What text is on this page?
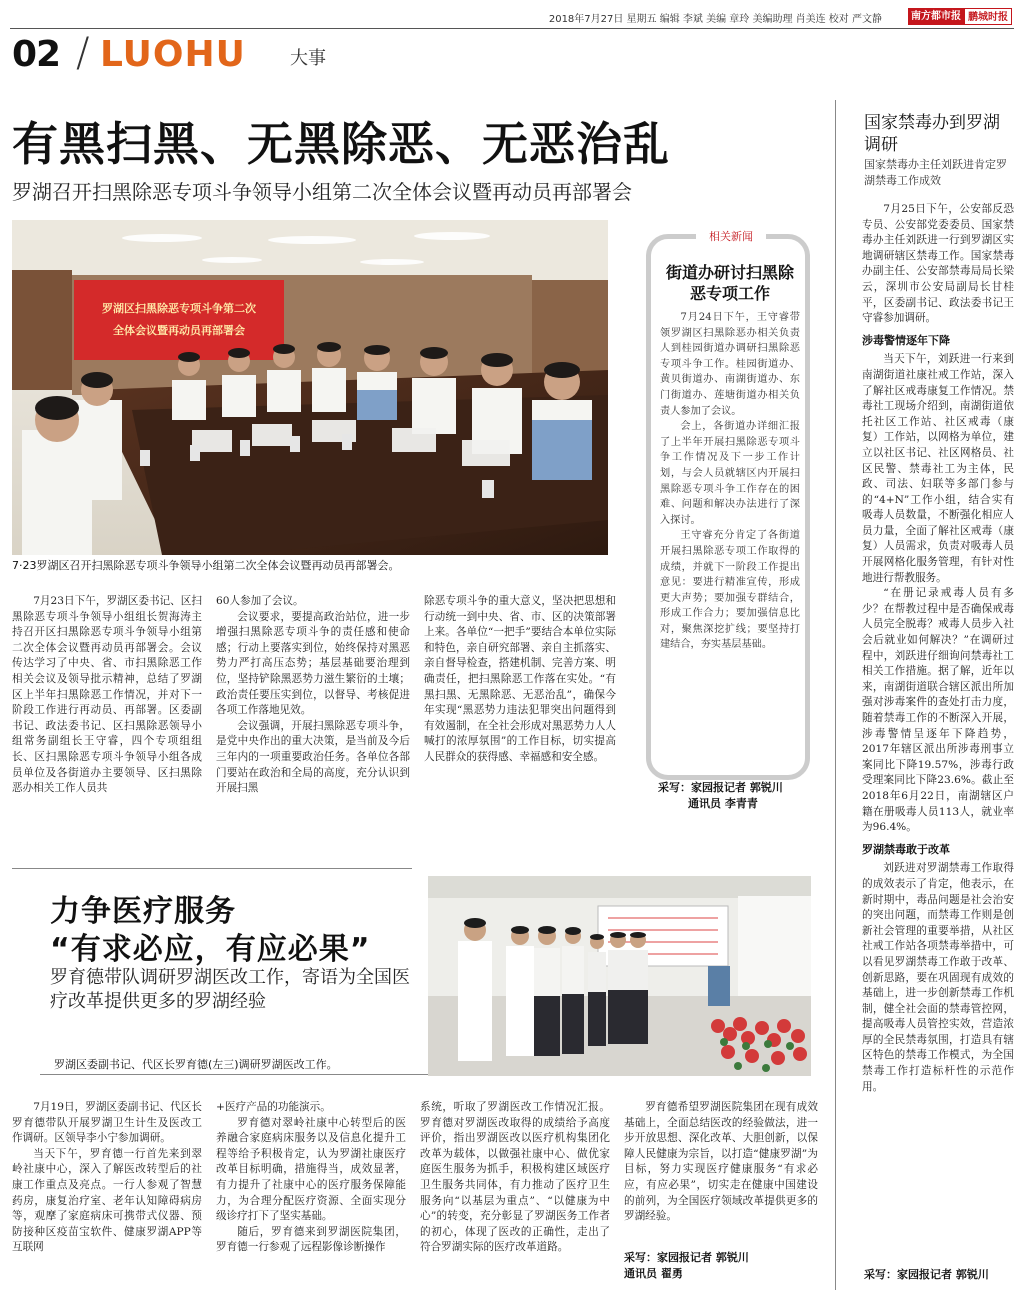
2018年7月27日 星期五 编辑 李斌 美编 章玲 美编助理 肖美连 校对 严文静	南方都市报 鹏城时报
02 / LUOHU 大事
有黑扫黑、无黑除恶、无恶治乱
罗湖召开扫黑除恶专项斗争领导小组第二次全体会议暨再动员再部署会
罗湖区扫黑除恶专项斗争第二次
全体会议暨再动员再部署会
7·23罗湖区召开扫黑除恶专项斗争领导小组第二次全体会议暨再动员再部署会。

7月23日下午，罗湖区委书记、区扫黑除恶专项斗争领导小组组长贺海涛主持召开区扫黑除恶专项斗争领导小组第二次全体会议暨再动员再部署会。会议传达学习了中央、省、市扫黑除恶工作相关会议及领导批示精神，总结了罗湖区上半年扫黑除恶工作情况，并对下一阶段工作进行再动员、再部署。区委副书记、政法委书记、区扫黑除恶领导小组常务副组长王守睿，四个专项组组长、区扫黑除恶专项斗争领导小组各成员单位及各街道办主要领导、区扫黑除恶办相关工作人员共

60人参加了会议。

会议要求，要提高政治站位，进一步增强扫黑除恶专项斗争的责任感和使命感；行动上要落实到位，始终保持对黑恶势力严打高压态势；基层基础要治理到位，坚持铲除黑恶势力滋生繁衍的土壤；政治责任要压实到位，以督导、考核促进各项工作落地见效。

会议强调，开展扫黑除恶专项斗争，是党中央作出的重大决策，是当前及今后三年内的一项重要政治任务。各单位各部门要站在政治和全局的高度，充分认识到开展扫黑

除恶专项斗争的重大意义，坚决把思想和行动统一到中央、省、市、区的决策部署上来。各单位“一把手”要结合本单位实际和特色，亲自研究部署、亲自主抓落实、亲自督导检查，搭建机制、完善方案、明确责任，把扫黑除恶工作落在实处。“有黑扫黑、无黑除恶、无恶治乱”，确保今年实现“黑恶势力违法犯罪突出问题得到有效遏制，在全社会形成对黑恶势力人人喊打的浓厚氛围”的工作目标，切实提高人民群众的获得感、幸福感和安全感。

相关新闻
街道办研讨扫黑除恶专项工作

7月24日下午，王守睿带领罗湖区扫黑除恶办相关负责人到桂园街道办调研扫黑除恶专项斗争工作。桂园街道办、黄贝街道办、南湖街道办、东门街道办、莲塘街道办相关负责人参加了会议。

会上，各街道办详细汇报了上半年开展扫黑除恶专项斗争工作情况及下一步工作计划，与会人员就辖区内开展扫黑除恶专项斗争工作存在的困难、问题和解决办法进行了深入探讨。

王守睿充分肯定了各街道开展扫黑除恶专项工作取得的成绩，并就下一阶段工作提出意见：要进行精准宣传，形成更大声势；要加强专群结合，形成工作合力；要加强信息比对，聚焦深挖扩线；要坚持打建结合，夯实基层基础。

采写：家园报记者 郭锐川
通讯员 李青青
国家禁毒办到罗湖调研
国家禁毒办主任刘跃进肯定罗湖禁毒工作成效

7月25日下午，公安部反恐专员、公安部党委委员、国家禁毒办主任刘跃进一行到罗湖区实地调研辖区禁毒工作。国家禁毒办副主任、公安部禁毒局局长梁云，深圳市公安局副局长甘桂平，区委副书记、政法委书记王守睿参加调研。

涉毒警情逐年下降

当天下午，刘跃进一行来到南湖街道社康社戒工作站，深入了解社区戒毒康复工作情况。禁毒社工现场介绍到，南湖街道依托社区工作站、社区戒毒（康复）工作站，以网格为单位，建立以社区书记、社区网格员、社区民警、禁毒社工为主体，民政、司法、妇联等多部门参与的“4+N”工作小组，结合实有吸毒人员数量，不断强化相应人员力量，全面了解社区戒毒（康复）人员需求，负责对吸毒人员开展网格化服务管理，有针对性地进行帮教服务。

“在册记录戒毒人员有多少？在帮教过程中是否确保戒毒人员完全脱毒？戒毒人员步入社会后就业如何解决？”在调研过程中，刘跃进仔细询问禁毒社工相关工作措施。据了解，近年以来，南湖街道联合辖区派出所加强对涉毒案件的查处打击力度，随着禁毒工作的不断深入开展，涉毒警情呈逐年下降趋势，2017年辖区派出所涉毒刑事立案同比下降19.57%，涉毒行政受理案同比下降23.6%。截止至2018年6月22日，南湖辖区户籍在册吸毒人员113人，就业率为96.4%。

罗湖禁毒敢于改革

刘跃进对罗湖禁毒工作取得的成效表示了肯定，他表示，在新时期中，毒品问题是社会治安的突出问题，而禁毒工作则是创新社会管理的重要举措，从社区社戒工作站各项禁毒举措中，可以看见罗湖禁毒工作敢于改革、创新思路，要在巩固现有成效的基础上，进一步创新禁毒工作机制，健全社会面的禁毒管控网，提高吸毒人员管控实效，营造浓厚的全民禁毒氛围，打造具有辖区特色的禁毒工作模式，为全国禁毒工作打造标杆性的示范作用。

采写：家园报记者 郭锐川
力争医疗服务
“有求必应，有应必果”
罗育德带队调研罗湖医改工作，寄语为全国医疗改革提供更多的罗湖经验
罗湖区委副书记、代区长罗育德(左三)调研罗湖医改工作。

7月19日，罗湖区委副书记、代区长罗育德带队开展罗湖卫生计生及医改工作调研。区领导李小宁参加调研。

当天下午，罗育德一行首先来到翠岭社康中心，深入了解医改转型后的社康工作重点及亮点。一行人参观了智慧药房，康复治疗室、老年认知障碍病房等，观摩了家庭病床可携带式仪器、预防接种区疫苗宝软件、健康罗湖APP等互联网

+医疗产品的功能演示。

罗育德对翠岭社康中心转型后的医养融合家庭病床服务以及信息化提升工程等给予积极肯定，认为罗湖社康医疗改革目标明确，措施得当，成效显著，有力提升了社康中心的医疗服务保障能力，为合理分配医疗资源、全面实现分级诊疗打下了坚实基础。

随后，罗育德来到罗湖医院集团，罗育德一行参观了远程影像诊断操作

系统，听取了罗湖医改工作情况汇报。罗育德对罗湖医改取得的成绩给予高度评价，指出罗湖医改以医疗机构集团化改革为载体，以做强社康中心、做优家庭医生服务为抓手，积极构建区域医疗卫生服务共同体，有力推动了医疗卫生服务向“以基层为重点”、“以健康为中心”的转变，充分彰显了罗湖医务工作者的初心，体现了医改的正确性，走出了符合罗湖实际的医疗改革道路。

罗育德希望罗湖医院集团在现有成效基础上，全面总结医改的经验做法，进一步开放思想、深化改革、大胆创新，以保障人民健康为宗旨，以打造“健康罗湖”为目标，努力实现医疗健康服务“有求必应，有应必果”，切实走在健康中国建设的前列，为全国医疗领域改革提供更多的罗湖经验。

采写：家园报记者 郭锐川
通讯员 翟勇
